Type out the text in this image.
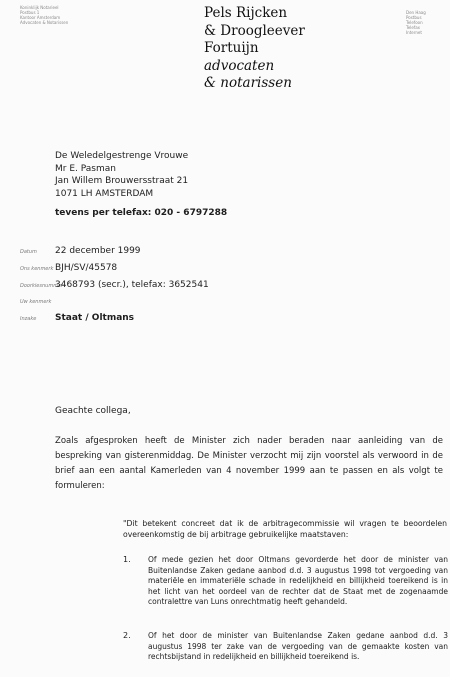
Koninklijk Notarieel
Postbus 1
Kantoor Amsterdam
Advocaten & Notarissen
Pels Rijcken
& Droogleever
Fortuijn
advocaten
& notarissen
Den Haag
Postbus
Telefoon
Telefax
Internet
De Weledelgestrenge Vrouwe
Mr E. Pasman
Jan Willem Brouwersstraat 21
1071 LH AMSTERDAM
tevens per telefax: 020 - 6797288
Datum 22 december 1999
Ons kenmerk BJH/SV/45578
Doorkiesnummer
3468793 (secr.), telefax: 3652541
Uw kenmerk
Inzake Staat / Oltmans
Geachte collega,

Zoals afgesproken heeft de Minister zich nader beraden naar aanleiding van de bespreking van gisterenmiddag. De Minister verzocht mij zijn voorstel als verwoord in de brief aan een aantal Kamerleden van 4 november 1999 aan te passen en als volgt te formuleren:

"Dit betekent concreet dat ik de arbitragecommissie wil vragen te beoordelen overeenkomstig de bij arbitrage gebruikelijke maatstaven:

1. Of mede gezien het door Oltmans gevorderde het door de minister van Buitenlandse Zaken gedane aanbod d.d. 3 augustus 1998 tot vergoeding van materiële en immateriële schade in redelijkheid en billijkheid toereikend is in het licht van het oordeel van de rechter dat de Staat met de zogenaamde contralettre van Luns onrechtmatig heeft gehandeld.

2. Of het door de minister van Buitenlandse Zaken gedane aanbod d.d. 3 augustus 1998 ter zake van de vergoeding van de gemaakte kosten van rechtsbijstand in redelijkheid en billijkheid toereikend is.
